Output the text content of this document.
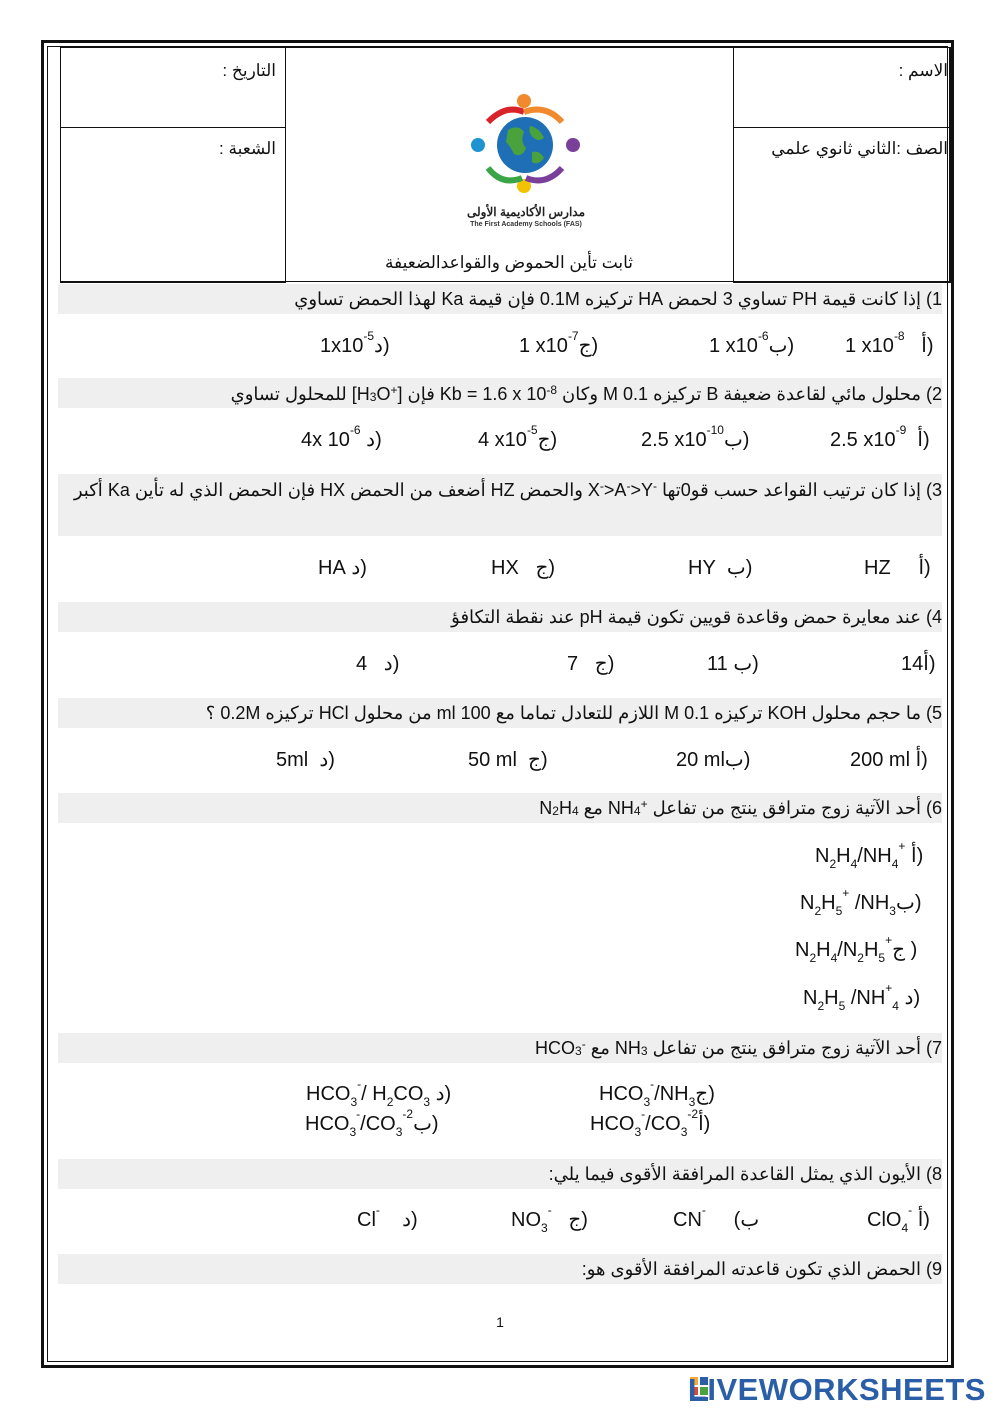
الاسم :
التاريخ :
الصف :الثاني ثانوي علمي
الشعبة :
مدارس الأكاديمية الأولى
The First Academy Schools (FAS)
ثابت تأين الحموض والقواعدالضعيفة
1) إذا كانت قيمة PH تساوي 3 لحمض HA تركيزه 0.1M فإن قيمة Ka لهذا الحمض تساوي
1 $x10^{-8}$   أ)
1 $x10^{-6}ب$)
1 $x10^{-7}ج$)
$1x10^{-5}د$)
2) محلول مائي لقاعدة ضعيفة B تركيزه 0.1 M وكان Kb = 1.6 x $10^{-8}$ فإن $[H_3O^+]$ للمحلول تساوي
2.5 $x10^{-9}$  أ)
2.5 $x10^{-10}ب$)
4 $x10^{-5}ج$)
4x $10^{-6}$ د)
3) إذا كان ترتيب القواعد حسب قو0تها X->A->Y- والحمض HZ أضعف من الحمض HX فإن الحمض الذي له تأين Ka أكبر
HZ     أ)
HY  ب)
HX   ج)
HA د)
4) عند معايرة حمض وقاعدة قويين تكون قيمة pH عند نقطة التكافؤ
14أ)
11 ب)
7   ج)
4   د)
5) ما حجم محلول KOH تركيزه 0.1 M اللازم للتعادل تماما مع 100 ml من محلول HCl تركيزه 0.2M ؟
200 ml أ)
20 mlب)
50 ml  ج)
5ml  د)
6) أحد الآتية زوج مترافق ينتج من تفاعل $NH_4^+$ مع $N_2H_4$
$N_2H_4/NH_4^+$ أ)
$N_2H_5^+$ $/NH_3ب$)
$N_2H_4/N_2H_5^+ج$ )
$N_2H_5$ $/NH^+_4$ د)
7) أحد الآتية زوج مترافق ينتج من تفاعل $NH_3$ مع $HCO_3^-$
$HCO_3^-/NH_3ج$)
$HCO_3^-/$ $H_2CO_3$ د)
$HCO_3^-/CO_3^{-2}أ$)
$HCO_3^-/CO_3^{-2}ب$)
8) الأيون الذي يمثل القاعدة المرافقة الأقوى فيما يلي:
ClO$_4$- أ)
CN-     (ب
$NO_3^-$   ج)
Cl-    د)
9) الحمض الذي تكون قاعدته المرافقة الأقوى هو:
1
LIVEWORKSHEETS
